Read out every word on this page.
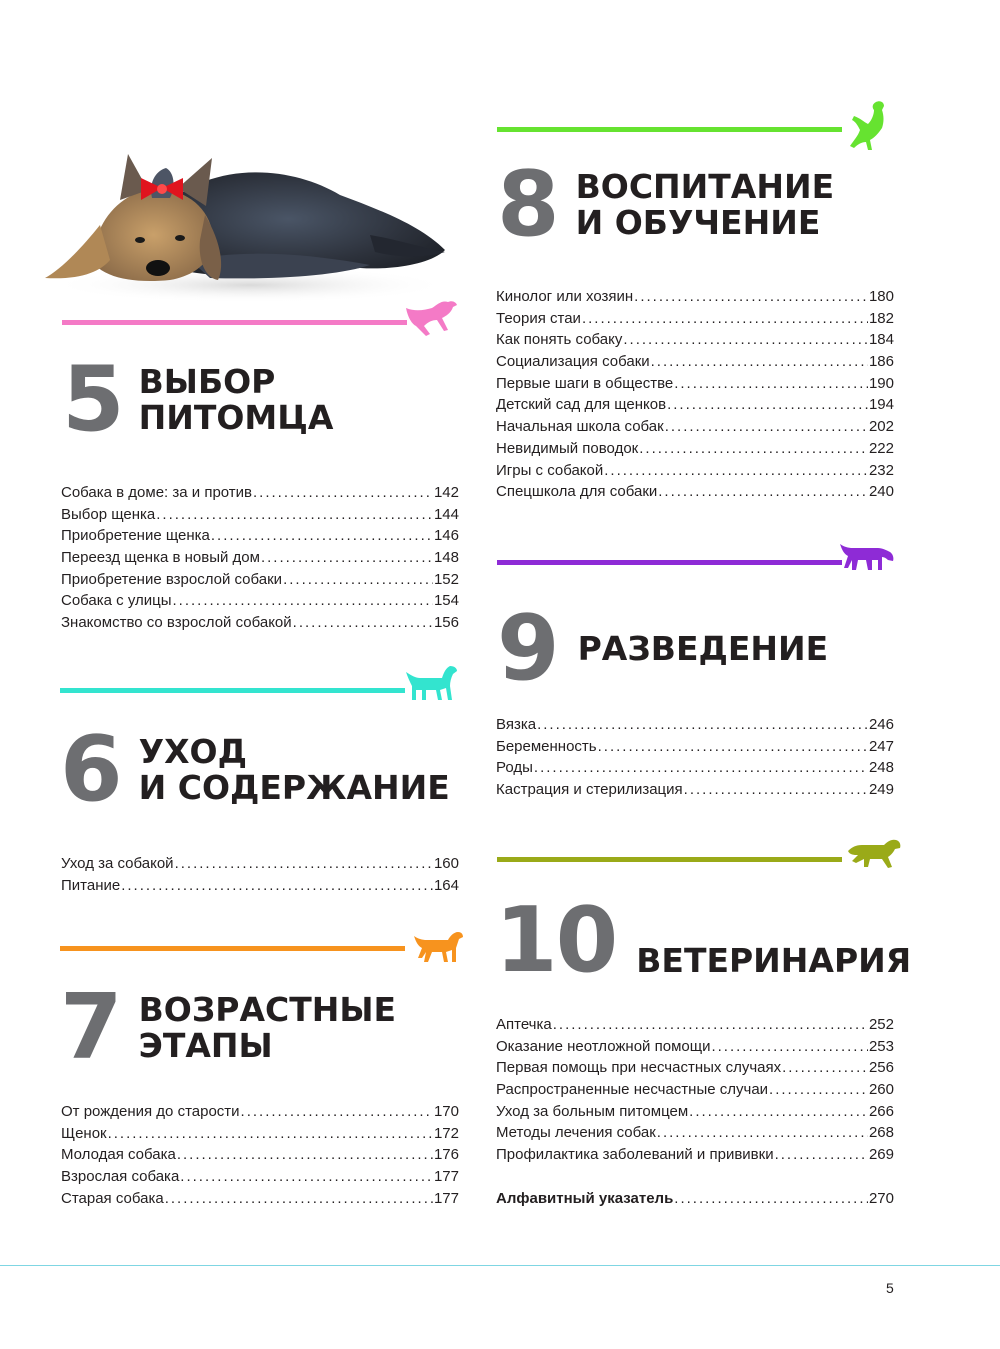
5 ВЫБОР
ПИТОМЦА
Собака в доме: за и против .....	142
Выбор щенка .....	144
Приобретение щенка .....	146
Переезд щенка в новый дом .....	148
Приобретение взрослой собаки .....	152
Собака с улицы .....	154
Знакомство со взрослой собакой .....	156
6 УХОД
И СОДЕРЖАНИЕ
Уход за собакой .....	160
Питание .....	164
7 ВОЗРАСТНЫЕ
ЭТАПЫ
От рождения до старости .....	170
Щенок .....	172
Молодая собака .....	176
Взрослая собака .....	177
Старая собака .....	177
8 ВОСПИТАНИЕ
И ОБУЧЕНИЕ
Кинолог или хозяин .....	180
Теория стаи .....	182
Как понять собаку .....	184
Социализация собаки .....	186
Первые шаги в обществе .....	190
Детский сад для щенков .....	194
Начальная школа собак .....	202
Невидимый поводок .....	222
Игры с собакой .....	232
Спецшкола для собаки .....	240
9 РАЗВЕДЕНИЕ
Вязка .....	246
Беременность .....	247
Роды .....	248
Кастрация и стерилизация .....	249
10 ВЕТЕРИНАРИЯ
Аптечка .....	252
Оказание неотложной помощи .....	253
Первая помощь при несчастных случаях .....	256
Распространенные несчастные случаи .....	260
Уход за больным питомцем .....	266
Методы лечения собак .....	268
Профилактика заболеваний и прививки .....	269
Алфавитный указатель .....	270
5
